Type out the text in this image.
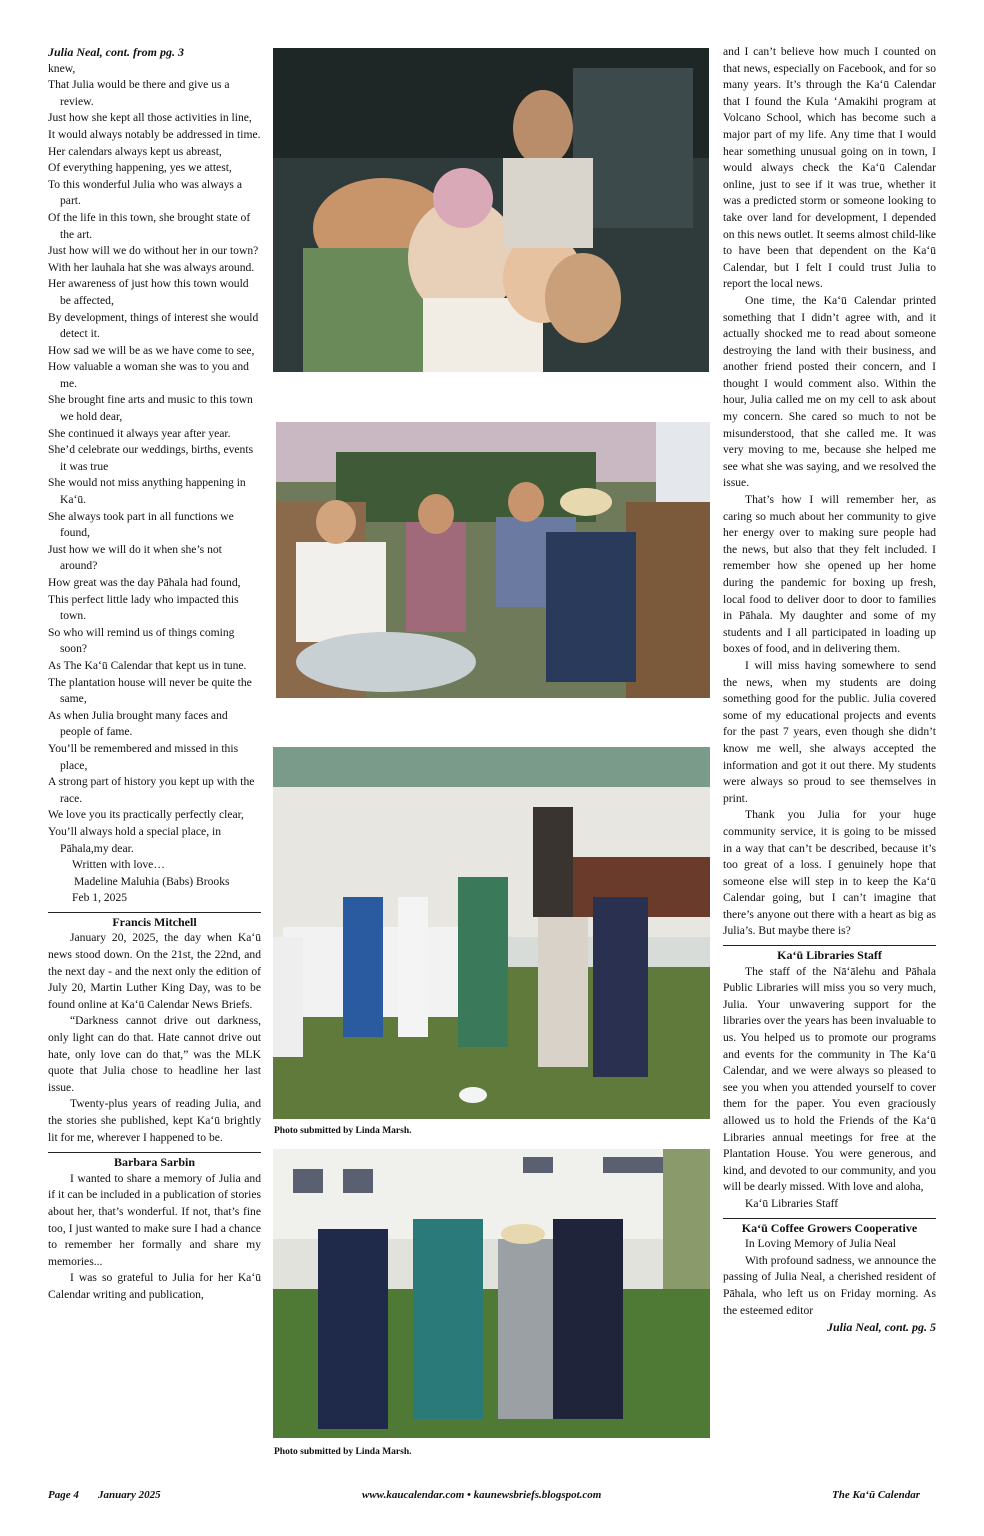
Julia Neal, cont. from pg. 3

knew,

That Julia would be there and give us a review.

Just how she kept all those activities in line,

It would always notably be addressed in time.

Her calendars always kept us abreast,

Of everything happening, yes we attest,

To this wonderful Julia who was always a part.

Of the life in this town, she brought state of the art.

Just how will we do without her in our town?

With her lauhala hat she was always around.

Her awareness of just how this town would be affected,

By development, things of interest she would detect it.

How sad we will be as we have come to see,

How valuable a woman she was to you and me.

She brought fine arts and music to this town we hold dear,

She continued it always year after year.

She’d celebrate our weddings, births, events it was true

She would not miss anything happening in Kaʻū.

She always took part in all functions we found,

Just how we will do it when she’s not around?

How great was the day Pāhala had found,

This perfect little lady who impacted this town.

So who will remind us of things coming soon?

As The Kaʻū Calendar that kept us in tune.

The plantation house will never be quite the same,

As when Julia brought many faces and people of fame.

You’ll be remembered and missed in this place,

A strong part of history you kept up with the race.

We love you its practically perfectly clear,

You’ll always hold a special place, in Pāhala,my dear.

Written with love…
Madeline Maluhia (Babs) Brooks
Feb 1, 2025
Francis Mitchell

January 20, 2025, the day when Kaʻū news stood down. On the 21st, the 22nd, and the next day - and the next only the edition of July 20, Martin Luther King Day, was to be found online at Kaʻū Calendar News Briefs.

“Darkness cannot drive out darkness, only light can do that. Hate cannot drive out hate, only love can do that,” was the MLK quote that Julia chose to headline her last issue.

Twenty-plus years of reading Julia, and the stories she published, kept Kaʻū brightly lit for me, wherever I happened to be.

Barbara Sarbin

I wanted to share a memory of Julia and if it can be included in a publication of stories about her, that’s wonderful. If not, that’s fine too, I just wanted to make sure I had a chance to remember her formally and share my memories...

I was so grateful to Julia for her Kaʻū Calendar writing and publication,

Photo submitted by Linda Marsh.
Photo submitted by Linda Marsh.

and I can’t believe how much I counted on that news, especially on Facebook, and for so many years. It’s through the Kaʻū Calendar that I found the Kula ʻAmakihi program at Volcano School, which has become such a major part of my life. Any time that I would hear something unusual going on in town, I would always check the Kaʻū Calendar online, just to see if it was true, whether it was a predicted storm or someone looking to take over land for development, I depended on this news outlet. It seems almost child-like to have been that dependent on the Kaʻū Calendar, but I felt I could trust Julia to report the local news.

One time, the Kaʻū Calendar printed something that I didn’t agree with, and it actually shocked me to read about someone destroying the land with their business, and another friend posted their concern, and I thought I would comment also. Within the hour, Julia called me on my cell to ask about my concern. She cared so much to not be misunderstood, that she called me. It was very moving to me, because she helped me see what she was saying, and we resolved the issue.

That’s how I will remember her, as caring so much about her community to give her energy over to making sure people had the news, but also that they felt included. I remember how she opened up her home during the pandemic for boxing up fresh, local food to deliver door to door to families in Pāhala. My daughter and some of my students and I all participated in loading up boxes of food, and in delivering them.

I will miss having somewhere to send the news, when my students are doing something good for the public. Julia covered some of my educational projects and events for the past 7 years, even though she didn’t know me well, she always accepted the information and got it out there. My students were always so proud to see themselves in print.

Thank you Julia for your huge community service, it is going to be missed in a way that can’t be described, because it’s too great of a loss. I genuinely hope that someone else will step in to keep the Kaʻū Calendar going, but I can’t imagine that there’s anyone out there with a heart as big as Julia’s. But maybe there is?

Kaʻū Libraries Staff

The staff of the Nāʻālehu and Pāhala Public Libraries will miss you so very much, Julia. Your unwavering support for the libraries over the years has been invaluable to us. You helped us to promote our programs and events for the community in The Kaʻū Calendar, and we were always so pleased to see you when you attended yourself to cover them for the paper. You even graciously allowed us to hold the Friends of the Kaʻū Libraries annual meetings for free at the Plantation House. You were generous, and kind, and devoted to our community, and you will be dearly missed. With love and aloha,

Kaʻū Libraries Staff

Kaʻū Coffee Growers Cooperative

In Loving Memory of Julia Neal

With profound sadness, we announce the passing of Julia Neal, a cherished resident of Pāhala, who left us on Friday morning. As the esteemed editor

Julia Neal, cont. pg. 5
Page 4 January 2025	www.kaucalendar.com • kaunewsbriefs.blogspot.com	The Kaʻū Calendar
